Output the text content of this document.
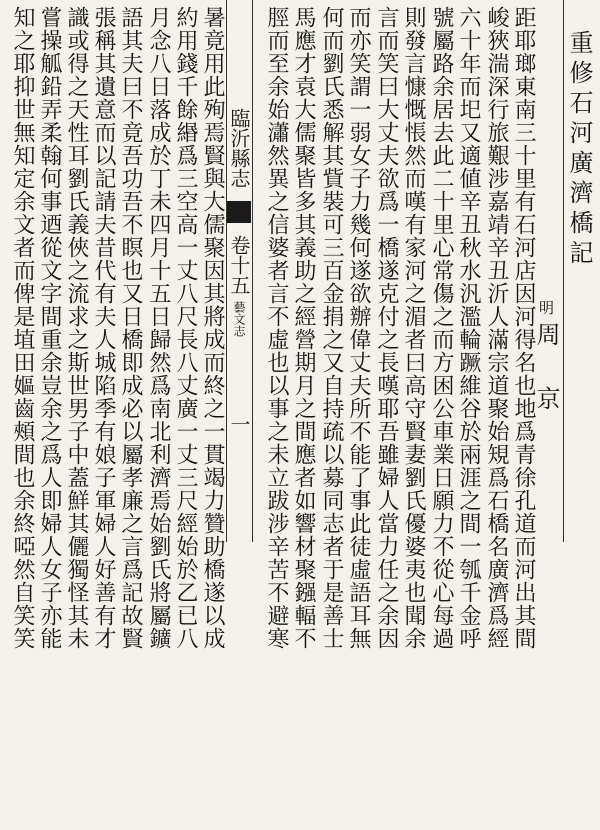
重修石河廣濟橋記
明 周　京
距耶瑯東南三十里有石河店因河得名也地爲青徐孔道而河出其間
峻狹湍深行旅艱涉嘉靖辛丑沂人滿宗道聚始䂓爲石橋名廣濟爲經
六十年而圯又適値辛丑秋水汎濫輪蹶維谷於兩涯之間一瓠千金呼
號屬路余居去此二十里心常傷之而方困公車業日願力不從心每過
則發言慷慨悵然而嘆有家河之湄者曰高守賢妻劉氏優婆夷也聞余
言而笑曰大丈夫欲爲一橋遂克付之長嘆耶吾雖婦人當力任之余因
而亦笑謂一弱女子力幾何遂欲辦偉丈夫所不能了事此徒虛語耳無
何而劉氏悉解其貲裝可三百金捐之又自持疏以募同志者于是善士
馬應才袁大儒聚皆多其義助之經營期月之間應者如響材聚鏹輻不
脛而至余始瀟然異之信婆者言不虛也以事之未立跋涉辛苦不避寒
暑竟用此殉焉賢與大儒聚因其將成而終之一貫竭力贊助橋遂以成
約用錢千餘緡爲三空高一丈八尺長八丈廣一丈三尺經始於乙已八
月念八日落成於丁未四月十五日歸然爲南北利濟焉始劉氏將屬鑛
語其夫曰不竟吾功吾不瞑也又日橋即成必以屬孝廉之言爲記故賢
張稱其遺意而以記請夫昔代有夫人城陷季有娘子軍婦人好善有才
識或得之天性耳劉氏義俠之流求之斯世男子中蓋鮮其儷獨怪其未
嘗操觚鉛弄柔翰何事迺從文字間重余豈余之爲人即婦人女子亦能
知之耶抑世無知定余文者而俾是埴田嫗齒頰間也余終啞然自笑笑	臨沂縣志  卷十五 藝文志 一
